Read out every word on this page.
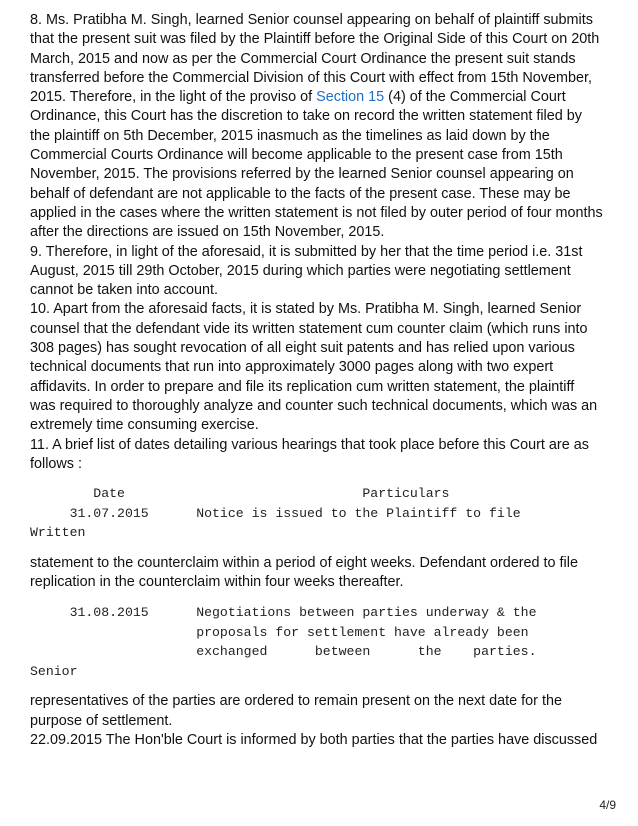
8. Ms. Pratibha M. Singh, learned Senior counsel appearing on behalf of plaintiff submits
that the present suit was filed by the Plaintiff before the Original Side of this Court on 20th
March, 2015 and now as per the Commercial Court Ordinance the present suit stands
transferred before the Commercial Division of this Court with effect from 15th November,
2015. Therefore, in the light of the proviso of Section 15 (4) of the Commercial Court
Ordinance, this Court has the discretion to take on record the written statement filed by
the plaintiff on 5th December, 2015 inasmuch as the timelines as laid down by the
Commercial Courts Ordinance will become applicable to the present case from 15th
November, 2015. The provisions referred by the learned Senior counsel appearing on
behalf of defendant are not applicable to the facts of the present case. These may be
applied in the cases where the written statement is not filed by outer period of four months
after the directions are issued on 15th November, 2015.

9. Therefore, in light of the aforesaid, it is submitted by her that the time period i.e. 31st
August, 2015 till 29th October, 2015 during which parties were negotiating settlement
cannot be taken into account.

10. Apart from the aforesaid facts, it is stated by Ms. Pratibha M. Singh, learned Senior
counsel that the defendant vide its written statement cum counter claim (which runs into
308 pages) has sought revocation of all eight suit patents and has relied upon various
technical documents that run into approximately 3000 pages along with two expert
affidavits. In order to prepare and file its replication cum written statement, the plaintiff
was required to thoroughly analyze and counter such technical documents, which was an
extremely time consuming exercise.

11. A brief list of dates detailing various hearings that took place before this Court are as
follows :

Date                              Particulars
31.07.2015      Notice is issued to the Plaintiff to file
Written

statement to the counterclaim within a period of eight weeks. Defendant ordered to file
replication in the counterclaim within four weeks thereafter.

31.08.2015      Negotiations between parties underway & the
proposals for settlement have already been
exchanged      between      the    parties.
Senior

representatives of the parties are ordered to remain present on the next date for the
purpose of settlement.

22.09.2015 The Hon'ble Court is informed by both parties that the parties have discussed

4/9
